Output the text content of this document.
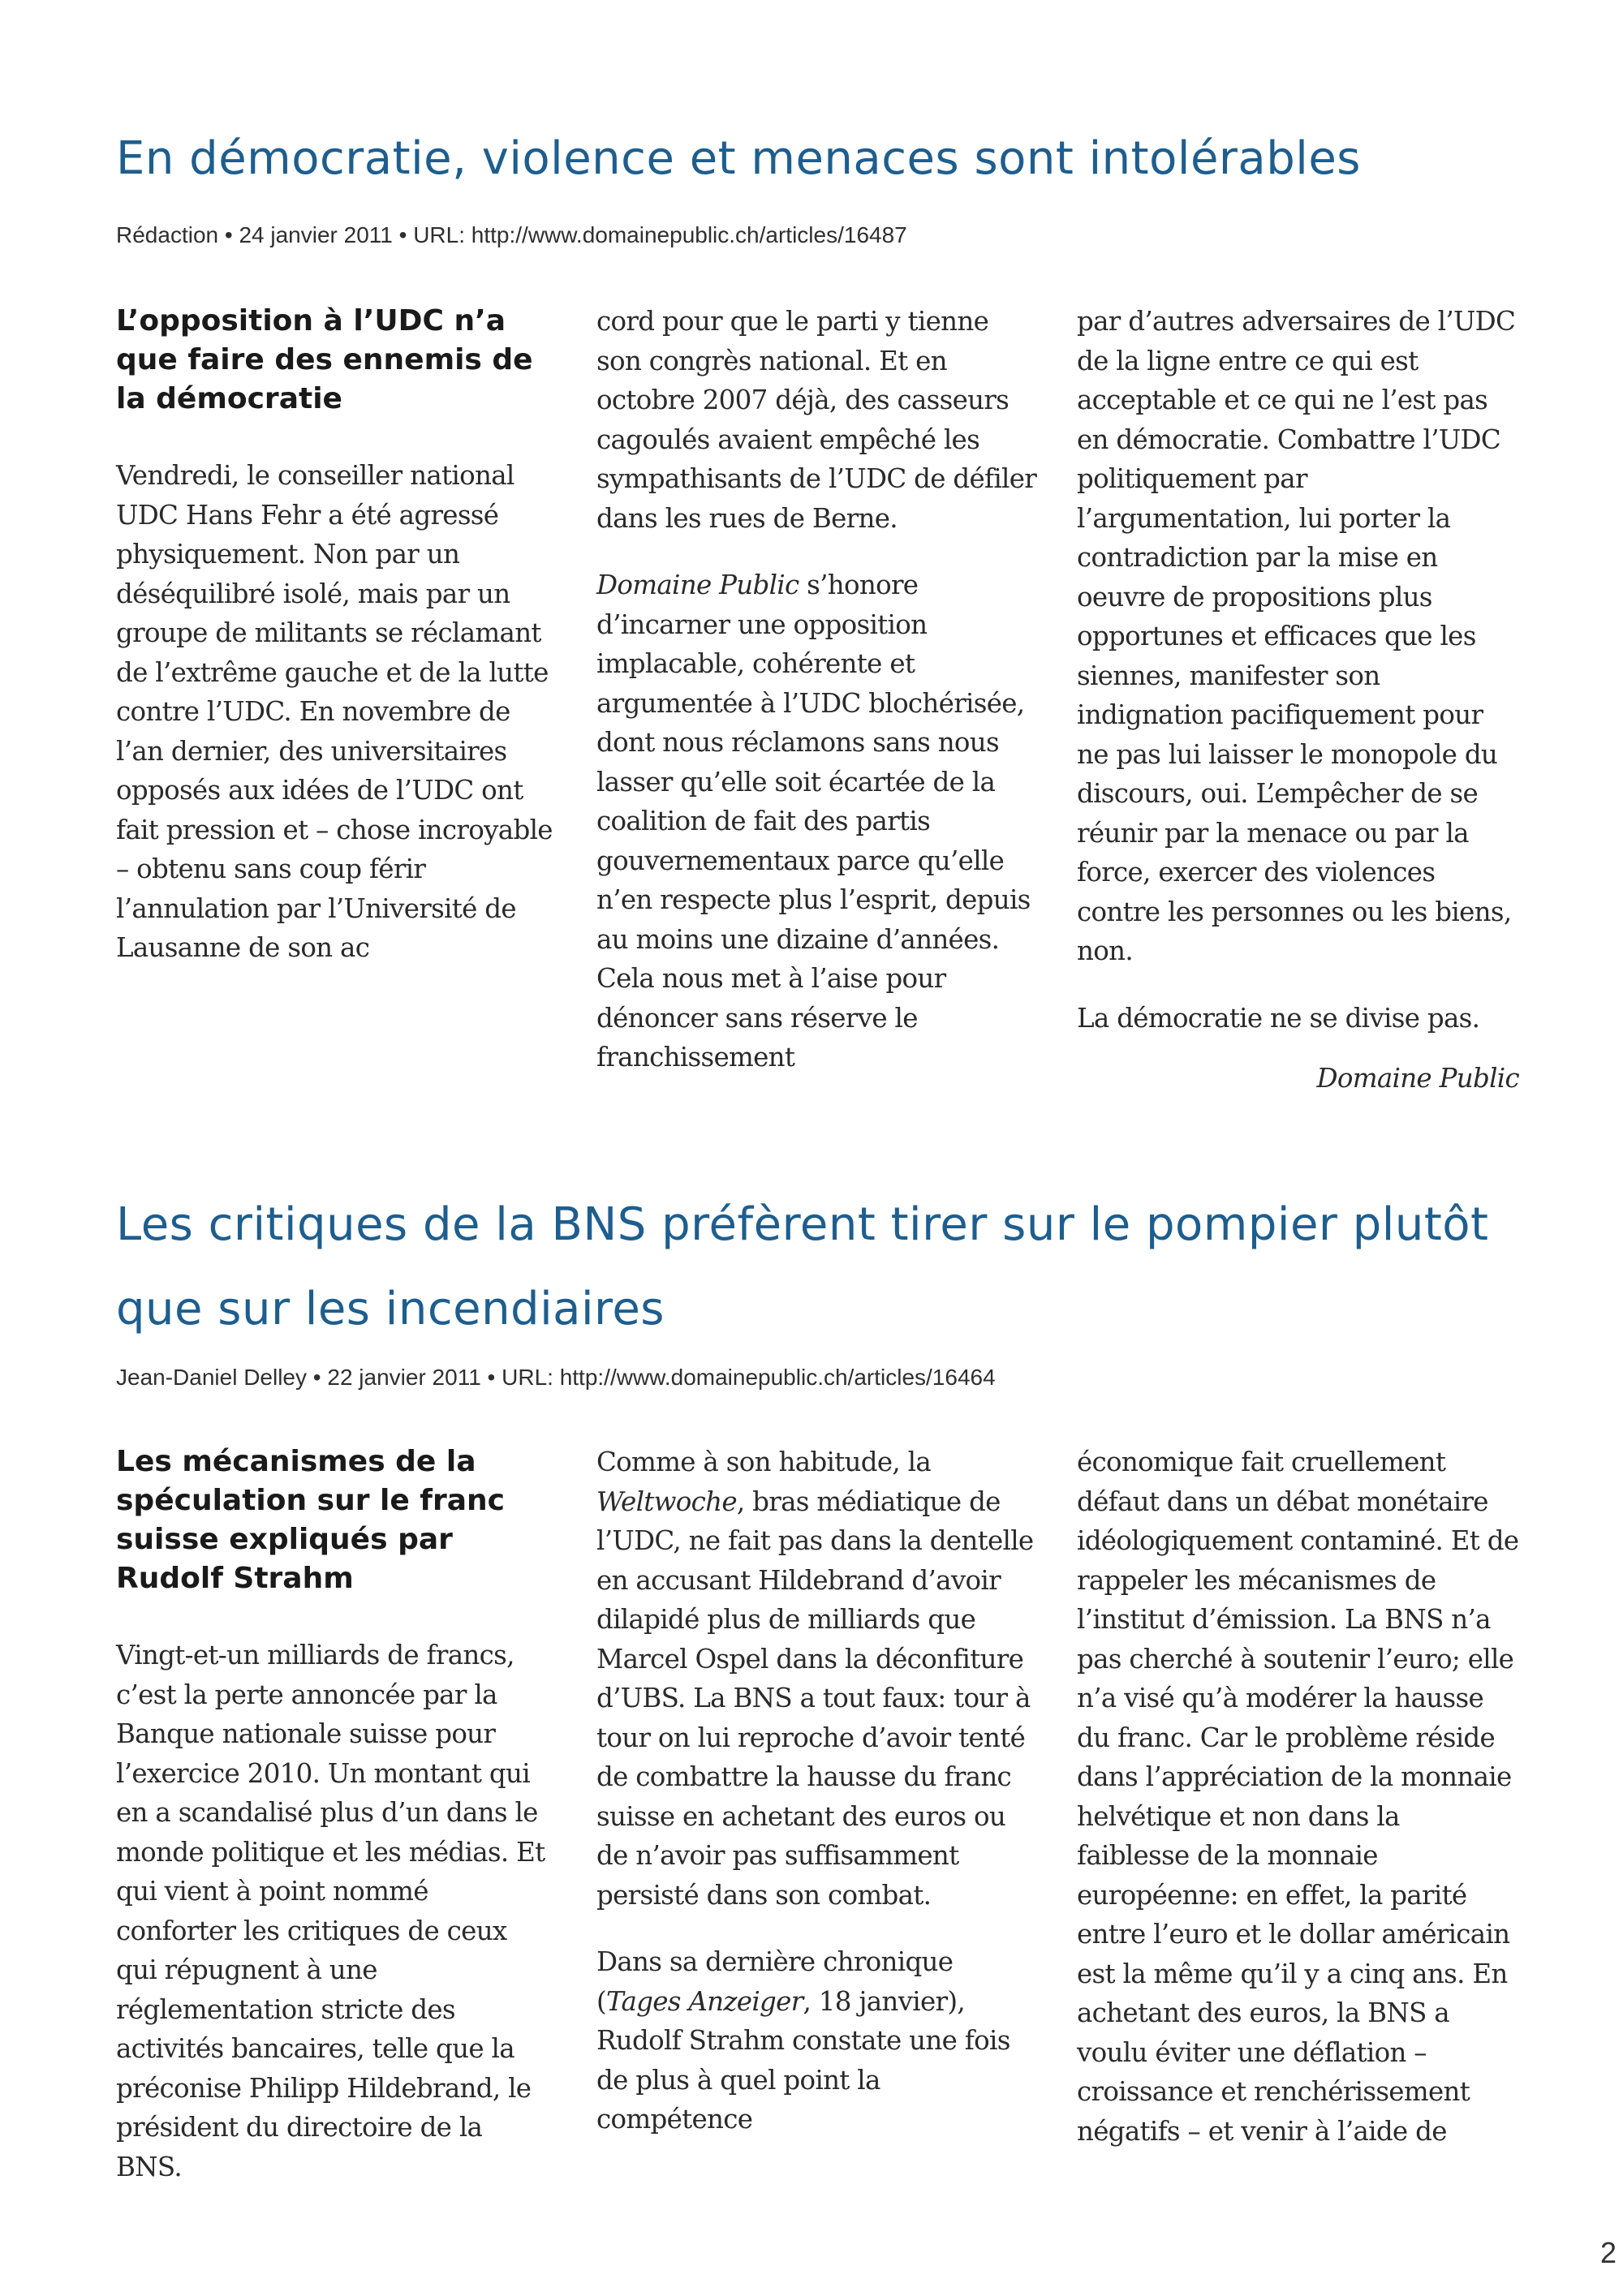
En démocratie, violence et menaces sont intolérables
Rédaction • 24 janvier 2011 • URL: http://www.domainepublic.ch/articles/16487
L’opposition à l’UDC n’a que faire des ennemis de la démocratie

Vendredi, le conseiller national UDC Hans Fehr a été agressé physiquement. Non par un déséquilibré isolé, mais par un groupe de militants se réclamant de l’extrême gauche et de la lutte contre l’UDC. En novembre de l’an dernier, des universitaires opposés aux idées de l’UDC ont fait pression et – chose incroyable – obtenu sans coup férir l’annulation par l’Université de Lausanne de son ac

cord pour que le parti y tienne son congrès national. Et en octobre 2007 déjà, des casseurs cagoulés avaient empêché les sympathisants de l’UDC de défiler dans les rues de Berne.

Domaine Public s’honore d’incarner une opposition implacable, cohérente et argumentée à l’UDC blochérisée, dont nous réclamons sans nous lasser qu’elle soit écartée de la coalition de fait des partis gouvernementaux parce qu’elle n’en respecte plus l’esprit, depuis au moins une dizaine d’années. Cela nous met à l’aise pour dénoncer sans réserve le franchissement

par d’autres adversaires de l’UDC de la ligne entre ce qui est acceptable et ce qui ne l’est pas en démocratie. Combattre l’UDC politiquement par l’argumentation, lui porter la contradiction par la mise en oeuvre de propositions plus opportunes et efficaces que les siennes, manifester son indignation pacifiquement pour ne pas lui laisser le monopole du discours, oui. L’empêcher de se réunir par la menace ou par la force, exercer des violences contre les personnes ou les biens, non.

La démocratie ne se divise pas.

Domaine Public
Les critiques de la BNS préfèrent tirer sur le pompier plutôt que sur les incendiaires
Jean-Daniel Delley • 22 janvier 2011 • URL: http://www.domainepublic.ch/articles/16464
Les mécanismes de la spéculation sur le franc suisse expliqués par Rudolf Strahm

Vingt-et-un milliards de francs, c’est la perte annoncée par la Banque nationale suisse pour l’exercice 2010. Un montant qui en a scandalisé plus d’un dans le monde politique et les médias. Et qui vient à point nommé conforter les critiques de ceux qui répugnent à une réglementation stricte des activités bancaires, telle que la préconise Philipp Hildebrand, le président du directoire de la BNS.

Comme à son habitude, la Weltwoche, bras médiatique de l’UDC, ne fait pas dans la dentelle en accusant Hildebrand d’avoir dilapidé plus de milliards que Marcel Ospel dans la déconfiture d’UBS. La BNS a tout faux: tour à tour on lui reproche d’avoir tenté de combattre la hausse du franc suisse en achetant des euros ou de n’avoir pas suffisamment persisté dans son combat.

Dans sa dernière chronique (Tages Anzeiger, 18 janvier), Rudolf Strahm constate une fois de plus à quel point la compétence

économique fait cruellement défaut dans un débat monétaire idéologiquement contaminé. Et de rappeler les mécanismes de l’institut d’émission. La BNS n’a pas cherché à soutenir l’euro; elle n’a visé qu’à modérer la hausse du franc. Car le problème réside dans l’appréciation de la monnaie helvétique et non dans la faiblesse de la monnaie européenne: en effet, la parité entre l’euro et le dollar américain est la même qu’il y a cinq ans. En achetant des euros, la BNS a voulu éviter une déflation – croissance et renchérissement négatifs – et venir à l’aide de

2
